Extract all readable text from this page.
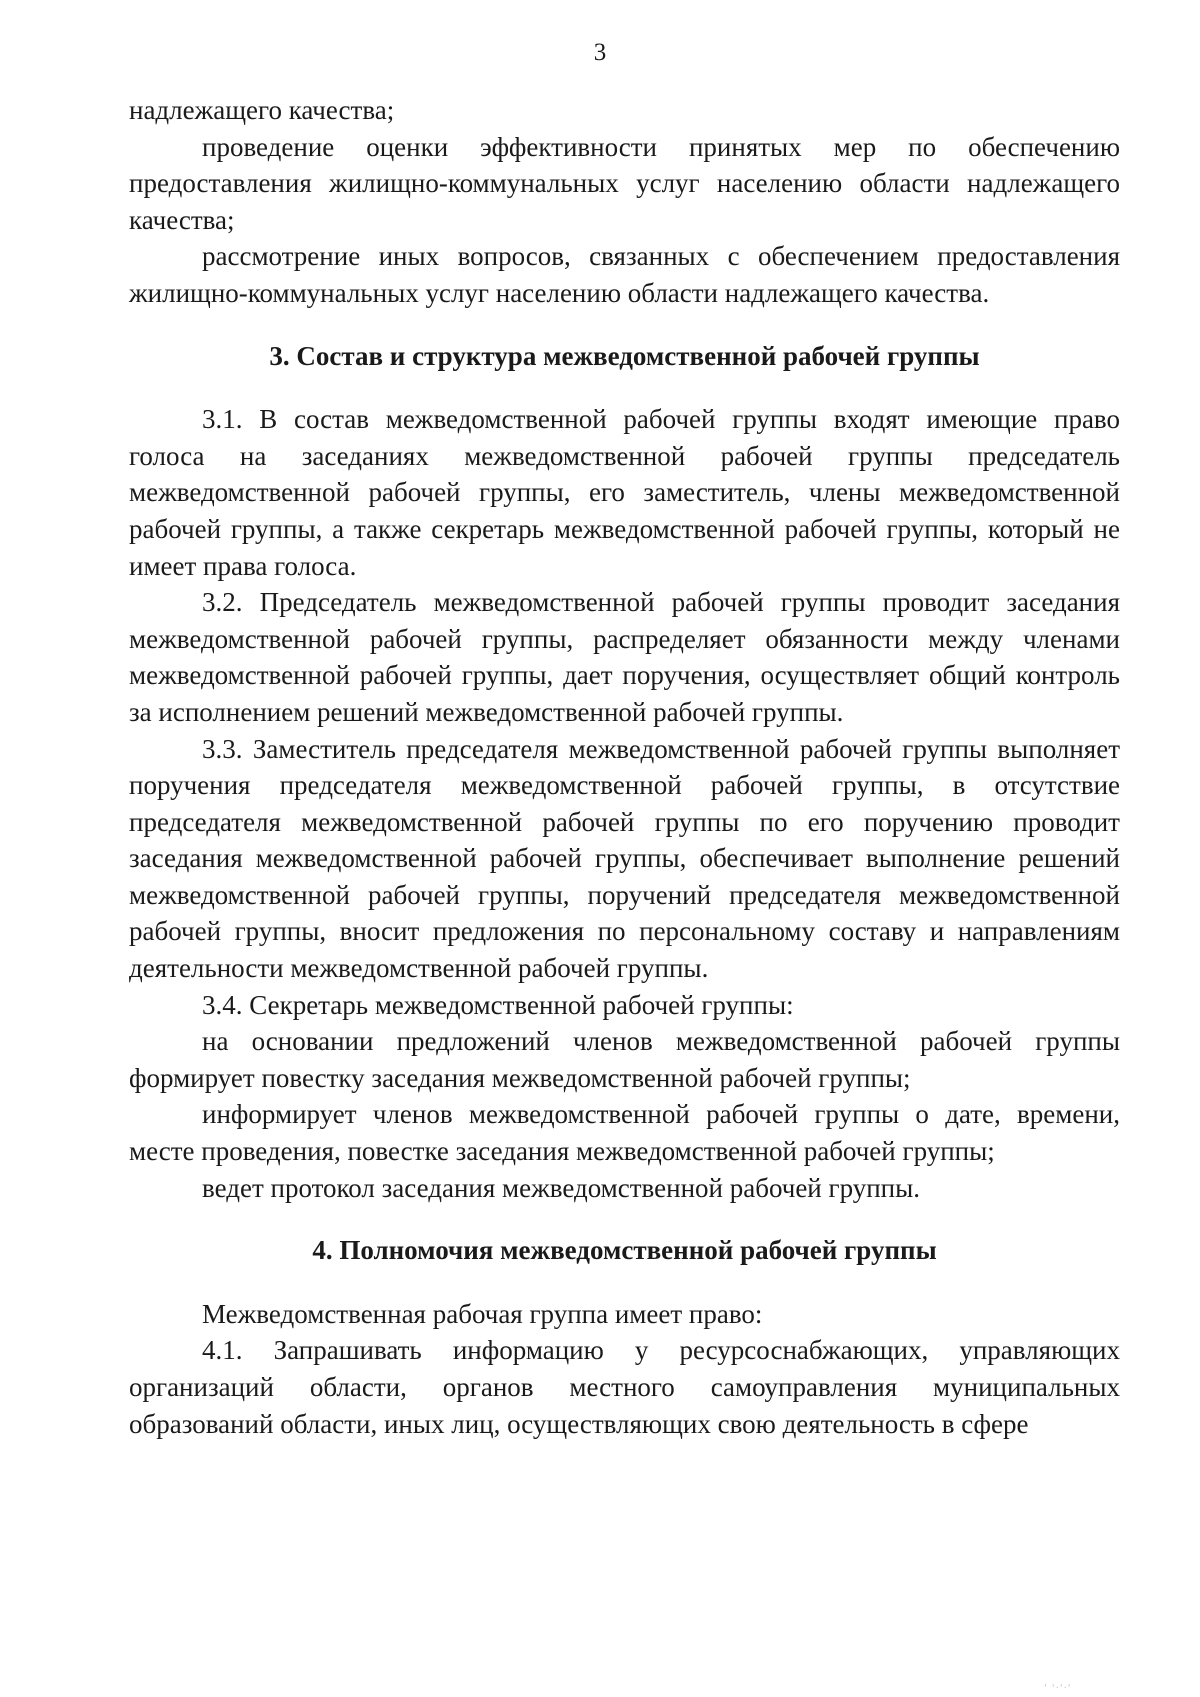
3

надлежащего качества;

проведение оценки эффективности принятых мер по обеспечению предоставления жилищно-коммунальных услуг населению области надлежащего качества;

рассмотрение иных вопросов, связанных с обеспечением предоставления жилищно-коммунальных услуг населению области надлежащего качества.

3. Состав и структура межведомственной рабочей группы

3.1. В состав межведомственной рабочей группы входят имеющие право голоса на заседаниях межведомственной рабочей группы председатель межведомственной рабочей группы, его заместитель, члены межведомственной рабочей группы, а также секретарь межведомственной рабочей группы, который не имеет права голоса.

3.2. Председатель межведомственной рабочей группы проводит заседания межведомственной рабочей группы, распределяет обязанности между членами межведомственной рабочей группы, дает поручения, осуществляет общий контроль за исполнением решений межведомственной рабочей группы.

3.3. Заместитель председателя межведомственной рабочей группы выполняет поручения председателя межведомственной рабочей группы, в отсутствие председателя межведомственной рабочей группы по его поручению проводит заседания межведомственной рабочей группы, обеспечивает выполнение решений межведомственной рабочей группы, поручений председателя межведомственной рабочей группы, вносит предложения по персональному составу и направлениям деятельности межведомственной рабочей группы.

3.4. Секретарь межведомственной рабочей группы:

на основании предложений членов межведомственной рабочей группы формирует повестку заседания межведомственной рабочей группы;

информирует членов межведомственной рабочей группы о дате, времени, месте проведения, повестке заседания межведомственной рабочей группы;

ведет протокол заседания межведомственной рабочей группы.

4. Полномочия межведомственной рабочей группы

Межведомственная рабочая группа имеет право:

4.1. Запрашивать информацию у ресурсоснабжающих, управляющих организаций области, органов местного самоуправления муниципальных образований области, иных лиц, осуществляющих свою деятельность в сфере

' '·'·'
